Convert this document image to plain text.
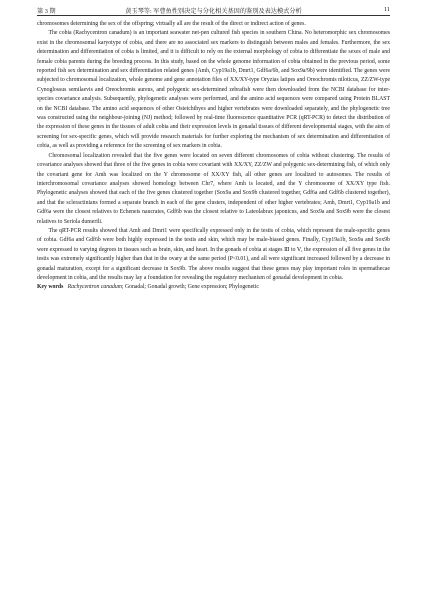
第 3 期	黄玉琴等: 军曹鱼性别决定与分化相关基因的鉴别及表达模式分析	11

chromosomes determining the sex of the offspring; virtually all are the result of the direct or indirect action of genes.

The cobia (Rachycentron canadum) is an important seawater net-pen cultured fish species in southern China. No heteromorphic sex chromosomes exist in the chromosomal karyotype of cobia, and there are no associated sex markers to distinguish between males and females. Furthermore, the sex determination and differentiation of cobia is limited, and it is difficult to rely on the external morphology of cobia to differentiate the sexes of male and female cobia parents during the breeding process. In this study, based on the whole genome information of cobia obtained in the previous period, some reported fish sex determination and sex differentiation related genes (Amh, Cyp19a1b, Dmrt1, Gdf6a/6b, and Sox9a/9b) were identified. The genes were subjected to chromosomal localization, whole genome and gene annotation files of XX/XY-type Oryzias latipes and Oreochromis niloticus, ZZ/ZW-type Cynoglossus semilaevis and Oreochromis aureus, and polygenic sex-determined zebrafish were then downloaded from the NCBI database for inter-species covariance analysis. Subsequently, phylogenetic analyses were performed, and the amino acid sequences were compared using Protein BLAST on the NCBI database. The amino acid sequences of other Osteichthyes and higher vertebrates were downloaded separately, and the phylogenetic tree was constructed using the neighbour-joining (NJ) method; followed by real-time fluorescence quantitative PCR (qRT-PCR) to detect the distribution of the expression of these genes in the tissues of adult cobia and their expression levels in gonadal tissues of different developmental stages, with the aim of screening for sex-specific genes, which will provide research materials for further exploring the mechanism of sex determination and differentiation of cobia, as well as providing a reference for the screening of sex markers in cobia.

Chromosomal localization revealed that the five genes were located on seven different chromosomes of cobia without clustering. The results of covariance analyses showed that three of the five genes in cobia were covariant with XX/XY, ZZ/ZW and polygenic sex-determining fish, of which only the covariant gene for Amh was localized on the Y chromosome of XX/XY fish, all other genes are localized to autosomes. The results of interchromosomal covariance analyses showed homology between Chr7, where Amh is located, and the Y chromosome of XX/XY type fish. Phylogenetic analyses showed that each of the five genes clustered together (Sox9a and Sox9b clustered together, Gdf6a and Gdf6b clustered together), and that the scleractinians formed a separate branch in each of the gene clusters, independent of other higher vertebrates; Amh, Dmrt1, Cyp19a1b and Gdf6a were the closest relatives to Echeneis naucrates, Gdf6b was the closest relative to Lateolabrax japonicus, and Sox9a and Sox9b were the closest relatives to Seriola dumerili.

The qRT-PCR results showed that Amh and Dmrt1 were specifically expressed only in the testis of cobia, which represent the male-specific genes of cobia. Gdf6a and Gdf6b were both highly expressed in the testis and skin, which may be male-biased genes. Finally, Cyp19a1b, Sox9a and Sox9b were expressed to varying degrees in tissues such as brain, skin, and heart. In the gonads of cobia at stages Ⅲ to Ⅴ, the expression of all five genes in the testis was extremely significantly higher than that in the ovary at the same period (P<0.01), and all were significant increased followed by a decrease in gonadal maturation, except for a significant decrease in Sox9b. The above results suggest that these genes may play important roles in spermathecae development in cobia, and the results may lay a foundation for revealing the regulatory mechanism of gonadal development in cobia.

Key words Rachycentron canadum; Gonadal; Gonadal growth; Gene expression; Phylogenetic
